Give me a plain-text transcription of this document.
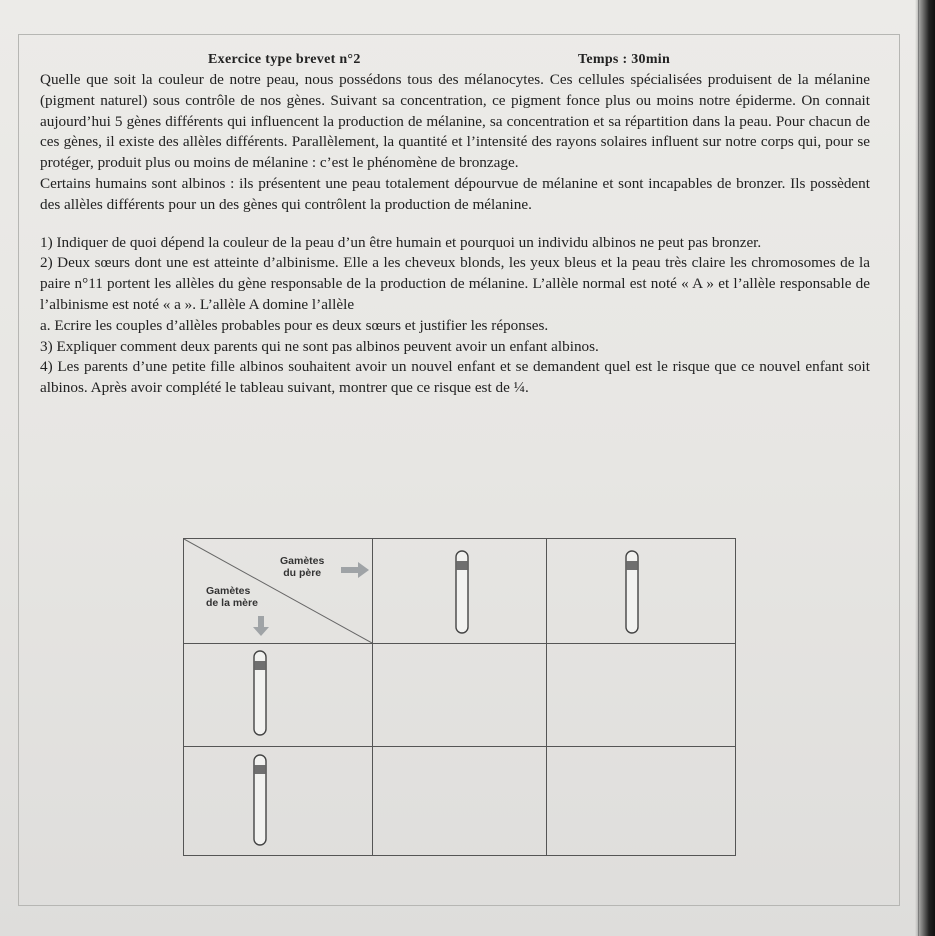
Exercice type brevet n°2	Temps : 30min

Quelle que soit la couleur de notre peau, nous possédons tous des mélanocytes. Ces cellules spécialisées produisent de la mélanine (pigment naturel) sous contrôle de nos gènes. Suivant sa concentration, ce pigment fonce plus ou moins notre épiderme. On connait aujourd’hui 5 gènes différents qui influencent la production de mélanine, sa concentration et sa répartition dans la peau. Pour chacun de ces gènes, il existe des allèles différents. Parallèlement, la quantité et l’intensité des rayons solaires influent sur notre corps qui, pour se protéger, produit plus ou moins de mélanine : c’est le phénomène de bronzage.

Certains humains sont albinos : ils présentent une peau totalement dépourvue de mélanine et sont incapables de bronzer. Ils possèdent des allèles différents pour un des gènes qui contrôlent la production de mélanine.

1) Indiquer de quoi dépend la couleur de la peau d’un être humain et pourquoi un individu albinos ne peut pas bronzer.

2) Deux sœurs dont une est atteinte d’albinisme. Elle a les cheveux blonds, les yeux bleus et la peau très claire les chromosomes de la paire n°11 portent les allèles du gène responsable de la production de mélanine. L’allèle normal est noté « A » et l’allèle responsable de l’albinisme est noté « a ». L’allèle A domine l’allèle

a. Ecrire les couples d’allèles probables pour es deux sœurs et justifier les réponses.

3) Expliquer comment deux parents qui ne sont pas albinos peuvent avoir un enfant albinos.

4) Les parents d’une petite fille albinos souhaitent avoir un nouvel enfant et se demandent quel est le risque que ce nouvel enfant soit albinos. Après avoir complété le tableau suivant, montrer que ce risque est de ¼.

Gamètes
du père
Gamètes
de la mère
